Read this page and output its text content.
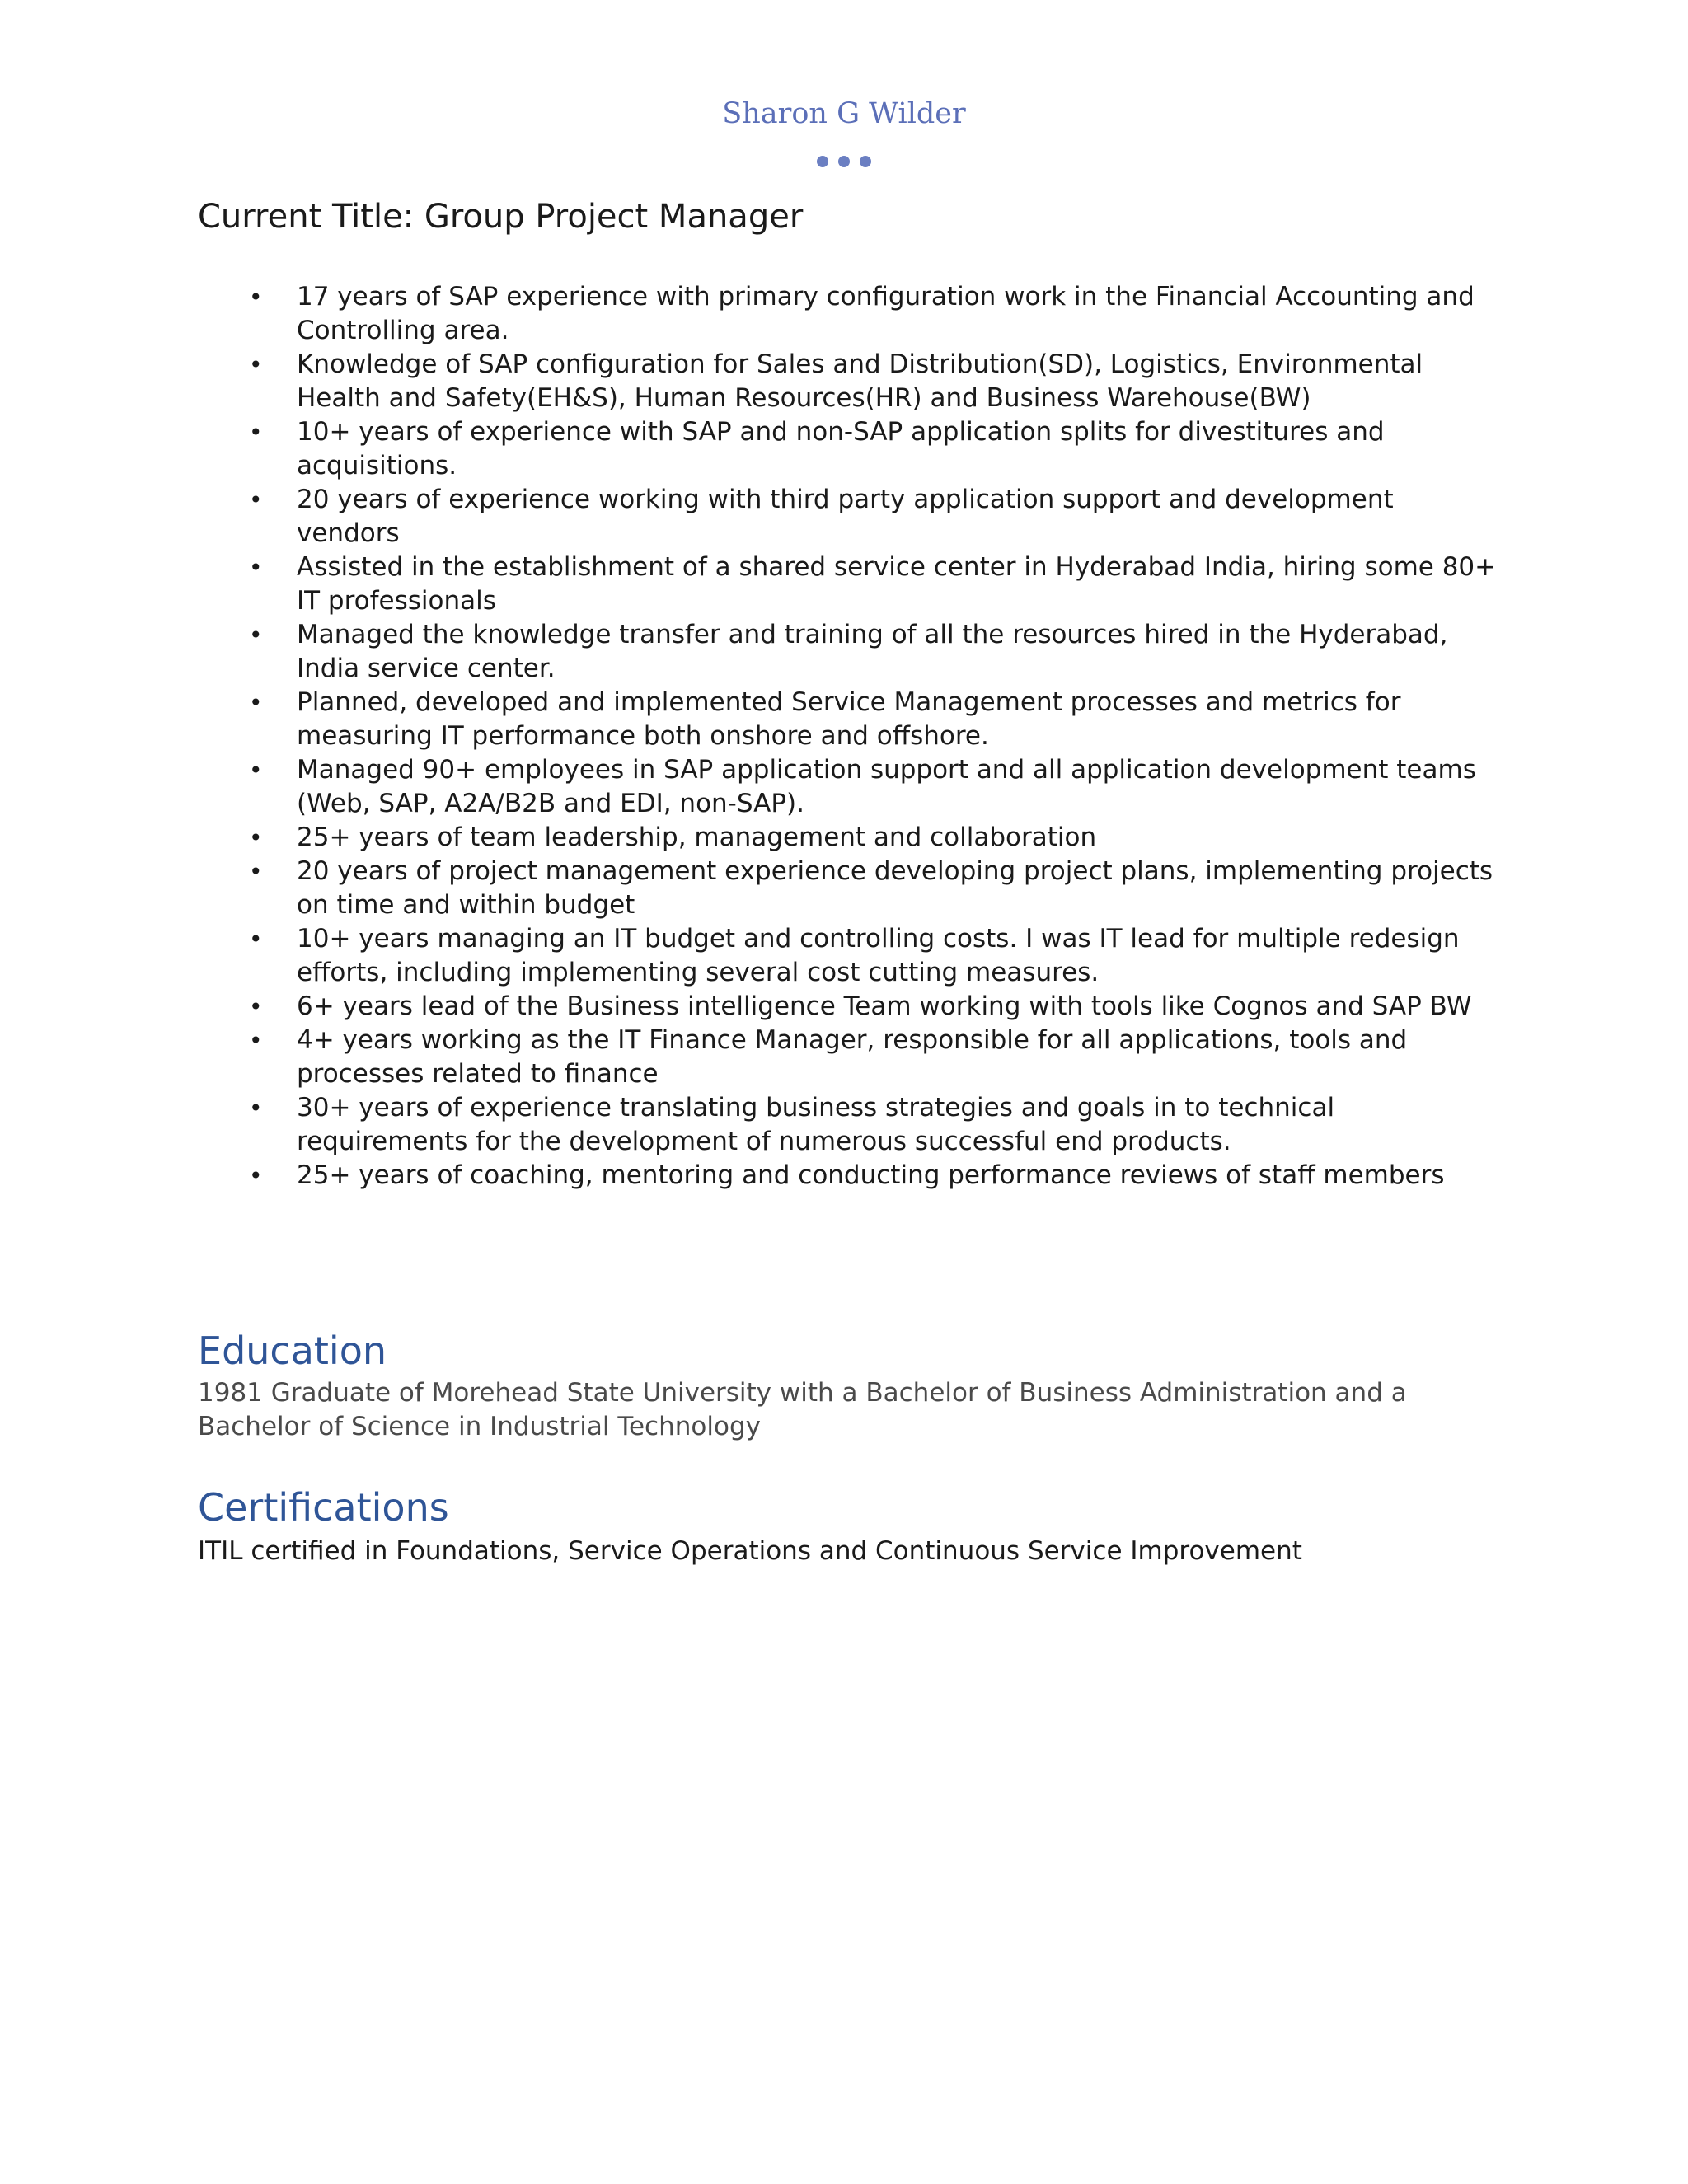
Sharon G Wilder
Current Title: Group Project Manager
• 17 years of SAP experience with primary configuration work in the Financial Accounting and Controlling area.
• Knowledge of SAP configuration for Sales and Distribution(SD), Logistics, Environmental Health and Safety(EH&S), Human Resources(HR) and Business Warehouse(BW)
• 10+ years of experience with SAP and non-SAP application splits for divestitures and acquisitions.
• 20 years of experience working with third party application support and development vendors
• Assisted in the establishment of a shared service center in Hyderabad India, hiring some 80+ IT professionals
• Managed the knowledge transfer and training of all the resources hired in the Hyderabad, India service center.
• Planned, developed and implemented Service Management processes and metrics for measuring IT performance both onshore and offshore.
• Managed 90+ employees in SAP application support and all application development teams (Web, SAP, A2A/B2B and EDI, non-SAP).
• 25+ years of team leadership, management and collaboration
• 20 years of project management experience developing project plans, implementing projects on time and within budget
• 10+ years managing an IT budget and controlling costs. I was IT lead for multiple redesign efforts, including implementing several cost cutting measures.
• 6+ years lead of the Business intelligence Team working with tools like Cognos and SAP BW
• 4+ years working as the IT Finance Manager, responsible for all applications, tools and processes related to finance
• 30+ years of experience translating business strategies and goals in to technical requirements for the development of numerous successful end products.
• 25+ years of coaching, mentoring and conducting performance reviews of staff members
Education

1981 Graduate of Morehead State University with a Bachelor of Business Administration and a Bachelor of Science in Industrial Technology

Certifications

ITIL certified in Foundations, Service Operations and Continuous Service Improvement
